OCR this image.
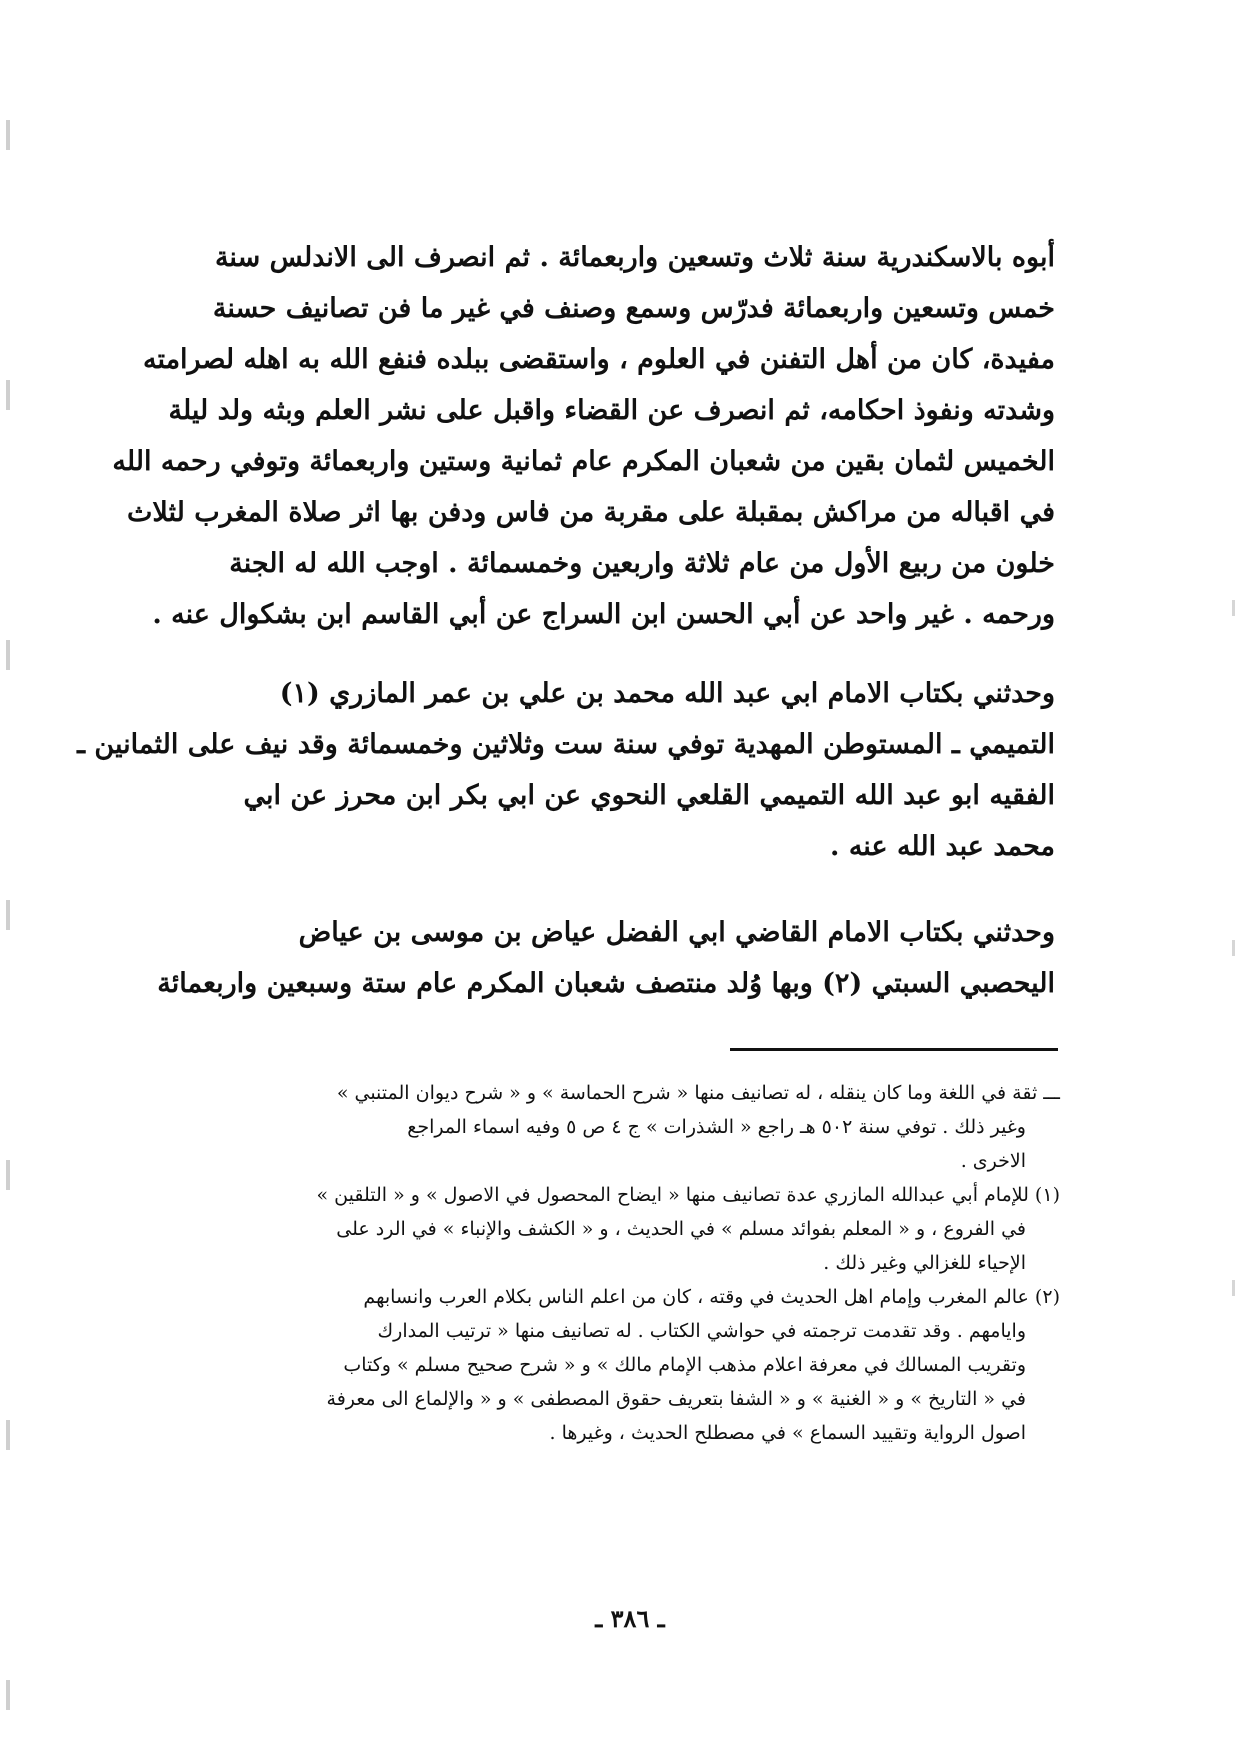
أبوه بالاسكندرية سنة ثلاث وتسعين واربعمائة . ثم انصرف الى الاندلس سنة
خمس وتسعين واربعمائة فدرّس وسمع وصنف في غير ما فن تصانيف حسنة
مفيدة، كان من أهل التفنن في العلوم ، واستقضى ببلده فنفع الله به اهله لصرامته
وشدته ونفوذ احكامه، ثم انصرف عن القضاء واقبل على نشر العلم وبثه ولد ليلة
الخميس لثمان بقين من شعبان المكرم عام ثمانية وستين واربعمائة وتوفي رحمه الله
في اقباله من مراكش بمقبلة على مقربة من فاس ودفن بها اثر صلاة المغرب لثلاث
خلون من ربيع الأول من عام ثلاثة واربعين وخمسمائة . اوجب الله له الجنة
ورحمه . غير واحد عن أبي الحسن ابن السراج عن أبي القاسم ابن بشكوال عنه .
وحدثني بكتاب الامام ابي عبد الله محمد بن علي بن عمر المازري (١)
التميمي ـ المستوطن المهدية توفي سنة ست وثلاثين وخمسمائة وقد نيف على الثمانين ـ
الفقيه ابو عبد الله التميمي القلعي النحوي عن ابي بكر ابن محرز عن ابي
محمد عبد الله عنه .
وحدثني بكتاب الامام القاضي ابي الفضل عياض بن موسى بن عياض
اليحصبي السبتي (٢) وبها وُلد منتصف شعبان المكرم عام ستة وسبعين واربعمائة
ـــ ثقة في اللغة وما كان ينقله ، له تصانيف منها « شرح الحماسة » و « شرح ديوان المتنبي »
وغير ذلك . توفي سنة ٥٠٢ هـ راجع « الشذرات » ج ٤ ص ٥ وفيه اسماء المراجع
الاخرى .
(١) للإمام أبي عبدالله المازري عدة تصانيف منها « ايضاح المحصول في الاصول » و « التلقين »
في الفروع ، و « المعلم بفوائد مسلم » في الحديث ، و « الكشف والإنباء » في الرد على
الإحياء للغزالي وغير ذلك .
(٢) عالم المغرب وإمام اهل الحديث في وقته ، كان من اعلم الناس بكلام العرب وانسابهم
وايامهم . وقد تقدمت ترجمته في حواشي الكتاب . له تصانيف منها « ترتيب المدارك
وتقريب المسالك في معرفة اعلام مذهب الإمام مالك » و « شرح صحيح مسلم » وكتاب
في « التاريخ » و « الغنية » و « الشفا بتعريف حقوق المصطفى » و « والإلماع الى معرفة
اصول الرواية وتقييد السماع » في مصطلح الحديث ، وغيرها .
ـ ٣٨٦ ـ
